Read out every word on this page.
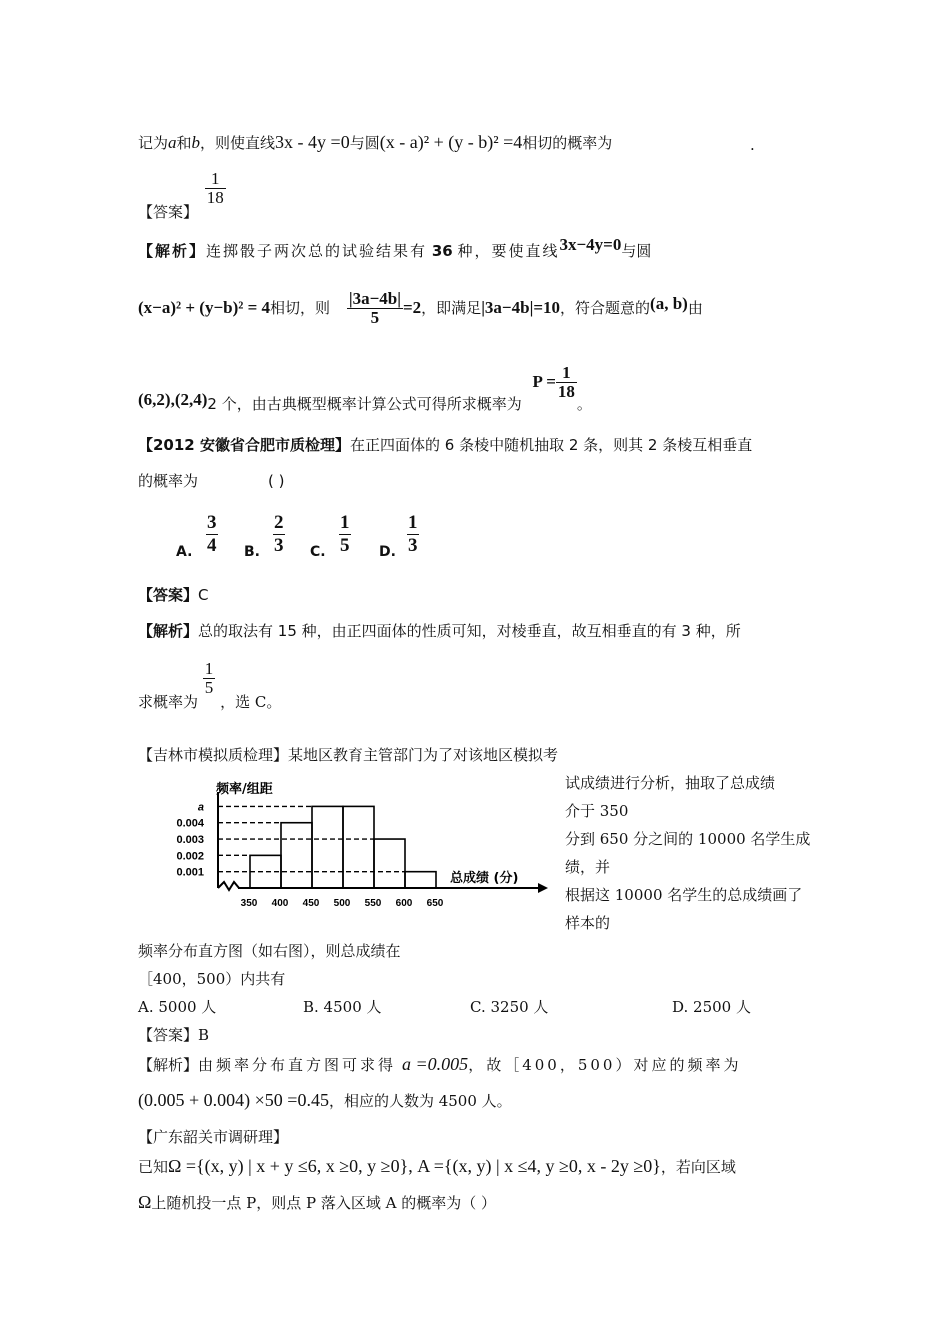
记为a和b，则使直线3x - 4y =0与圆(x - a)² + (y - b)² =4相切的概率为	.
【答案】
$\frac{1}{18}$
【解析】连掷骰子两次总的试验结果有 36 种，要使直线3x−4y=0与圆
(x−a)² + (y−b)² = 4相切，则 $\frac{|3a-4b|}{5} =2$，即满足|3a−4b|=10，符合题意的(a, b)由
(6,2),(2,4)2 个，由古典概型概率计算公式可得所求概率为 $P = \frac{1}{18}$
。
【2012 安徽省合肥市质检理】在正四面体的 6 条棱中随机抽取 2 条，则其 2 条棱互相垂直
的概率为	( )
A.
3
4 B.
2
3 C.
1
5 D.
1
3
【答案】C
【解析】总的取法有 15 种，由正四面体的性质可知，对棱垂直，故互相垂直的有 3 种，所
求概率为
$\frac{1}{5}$
，选 C。
【吉林市模拟质检理】某地区教育主管部门为了对该地区模拟考
a
0.004
0.003
0.002
0.001
350 400 450 500 550 600 650
频率/组距
总成绩 (分)
试成绩进行分析，抽取了总成绩
介于 350
分到 650 分之间的 10000 名学生成
绩，并
根据这 10000 名学生的总成绩画了
样本的
频率分布直方图（如右图），则总成绩在
［400，500）内共有
A. 5000 人	B. 4500 人	C. 3250 人	D. 2500 人
【答案】B
【解析】由频率分布直方图可求得 a =0.005，故［400，500）对应的频率为
(0.005 + 0.004) ×50 =0.45，相应的人数为 4500 人。
【广东韶关市调研理】
已知Ω ={(x, y) | x + y ≤6, x ≥0, y ≥0}, A ={(x, y) | x ≤4, y ≥0, x - 2y ≥0}，若向区域
Ω上随机投一点 P，则点 P 落入区域 A 的概率为（ ）
